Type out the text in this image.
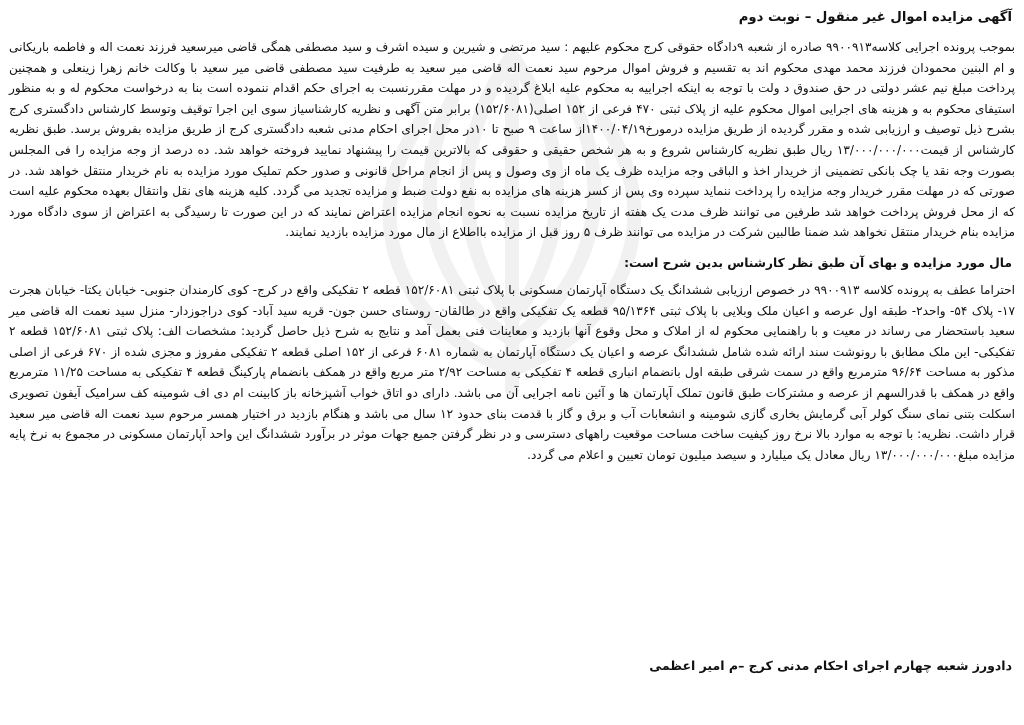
آگهی مزایده اموال غیر منقول – نوبت دوم

بموجب پرونده اجرایی کلاسه۹۹۰۰۹۱۳ صادره از شعبه ۹دادگاه حقوقی کرج محکوم علیهم : سید مرتضی و شیرین و سیده اشرف و سید مصطفی همگی قاضی میرسعید فرزند نعمت اله و فاطمه باریکانی و ام البنین محمودان فرزند محمد مهدی محکوم اند به تقسیم و فروش اموال مرحوم سید نعمت اله قاضی میر سعید به طرفیت سید مصطفی قاضی میر سعید با وکالت خانم زهرا زینعلی و همچنین پرداخت مبلغ نیم عشر دولتی در حق صندوق د ولت با توجه به اینکه اجراییه به محکوم علیه ابلاغ گردیده و در مهلت مقررنسبت به اجرای حکم اقدام ننموده است بنا به درخواست محکوم له و به منظور استیفای محکوم به و هزینه های اجرایی اموال محکوم علیه از پلاک ثبتی ۴۷۰ فرعی از ۱۵۲ اصلی(۱۵۲/۶۰۸۱) برابر متن آگهی و نظریه کارشناسیاز سوی این اجرا توقیف وتوسط کارشناس دادگستری کرج بشرح ذیل توصیف و ارزیابی شده و مقرر گردیده از طریق مزایده درمورخ۱۴۰۰/۰۴/۱۹از ساعت ۹ صبح تا ۱۰در محل اجرای احکام مدنی شعبه دادگستری کرج از طریق مزایده بفروش برسد. طبق نظریه کارشناس از قیمت۱۳/۰۰۰/۰۰۰/۰۰۰ ریال طبق نظریه کارشناس شروع و به هر شخص حقیقی و حقوقی که بالاترین قیمت را پیشنهاد نمایید فروخته خواهد شد. ده درصد از وجه مزایده را فی المجلس بصورت وجه نقد یا چک بانکی تضمینی از خریدار اخذ و الباقی وجه مزایده ظرف یک ماه از وی وصول و پس از انجام مراحل قانونی و صدور حکم تملیک مورد مزایده به نام خریدار منتقل خواهد شد. در صورتی که در مهلت مقرر خریدار وجه مزایده را پرداخت ننماید سپرده وی پس از کسر هزینه های مزایده به نفع دولت ضبط و مزایده تجدید می گردد. کلیه هزینه های نقل وانتقال بعهده محکوم علیه است که از محل فروش پرداخت خواهد شد طرفین می توانند ظرف مدت یک هفته از تاریخ مزایده نسبت به نحوه انجام مزایده اعتراض نمایند که در این صورت تا رسیدگی به اعتراض از سوی دادگاه مورد مزایده بنام خریدار منتقل نخواهد شد ضمنا طالبین شرکت در مزایده می توانند ظرف ۵ روز قبل از مزایده بااطلاع از مال مورد مزایده بازدید نمایند.

مال مورد مزایده و بهای آن طبق نظر کارشناس بدین شرح است:

احتراما عطف به پرونده کلاسه ۹۹۰۰۹۱۳ در خصوص ارزیابی ششدانگ یک دستگاه آپارتمان مسکونی با پلاک ثبتی ۱۵۲/۶۰۸۱ قطعه ۲ تفکیکی واقع در کرج- کوی کارمندان جنوبی- خیابان یکتا- خیابان هجرت ۱۷- پلاک ۵۴- واحد۲- طبقه اول عرصه و اعیان ملک وبلایی با پلاک ثبتی ۹۵/۱۳۶۴ قطعه یک تفکیکی واقع در طالقان- روستای حسن جون- قریه سید آباد- کوی دراجوزدار- منزل سید نعمت اله قاضی میر سعید باستحضار می رساند در معیت و با راهنمایی محکوم له از املاک و محل وقوع آنها بازدید و معاینات فنی بعمل آمد و نتایج به شرح ذیل حاصل گردید: مشخصات الف: پلاک ثبتی ۱۵۲/۶۰۸۱ قطعه ۲ تفکیکی- این ملک مطابق با رونوشت سند ارائه شده شامل ششدانگ عرصه و اعیان یک دستگاه آپارتمان به شماره ۶۰۸۱ فرعی از ۱۵۲ اصلی قطعه ۲ تفکیکی مفروز و مجزی شده از ۶۷۰ فرعی از اصلی مذکور به مساحت ۹۶/۶۴ مترمربع واقع در سمت شرقی طبقه اول بانضمام انباری قطعه ۴ تفکیکی به مساحت ۲/۹۲ متر مربع واقع در همکف بانضمام پارکینگ قطعه ۴ تفکیکی به مساحت ۱۱/۲۵ مترمربع واقع در همکف با قدرالسهم از عرصه و مشترکات طبق قانون تملک آپارتمان ها و آئین نامه اجرایی آن می باشد. دارای دو اتاق خواب آشپزخانه باز کابینت ام دی اف شومینه کف سرامیک آیفون تصویری اسکلت بتنی نمای سنگ کولر آبی گرمایش بخاری گازی شومینه و انشعابات آب و برق و گاز با قدمت بنای حدود ۱۲ سال می باشد و هنگام بازدید در اختیار همسر مرحوم سید نعمت اله قاضی میر سعید قرار داشت. نظریه: با توجه به موارد بالا نرخ روز کیفیت ساخت مساحت موقعیت راههای دسترسی و در نظر گرفتن جمیع جهات موثر در برآورد ششدانگ این واحد آپارتمان مسکونی در مجموع به نرخ پایه مزایده مبلغ۱۳/۰۰۰/۰۰۰/۰۰۰ ریال معادل یک میلیارد و سیصد میلیون تومان تعیین و اعلام می گردد.

دادورز شعبه چهارم اجرای احکام مدنی کرج –م امیر اعظمی
